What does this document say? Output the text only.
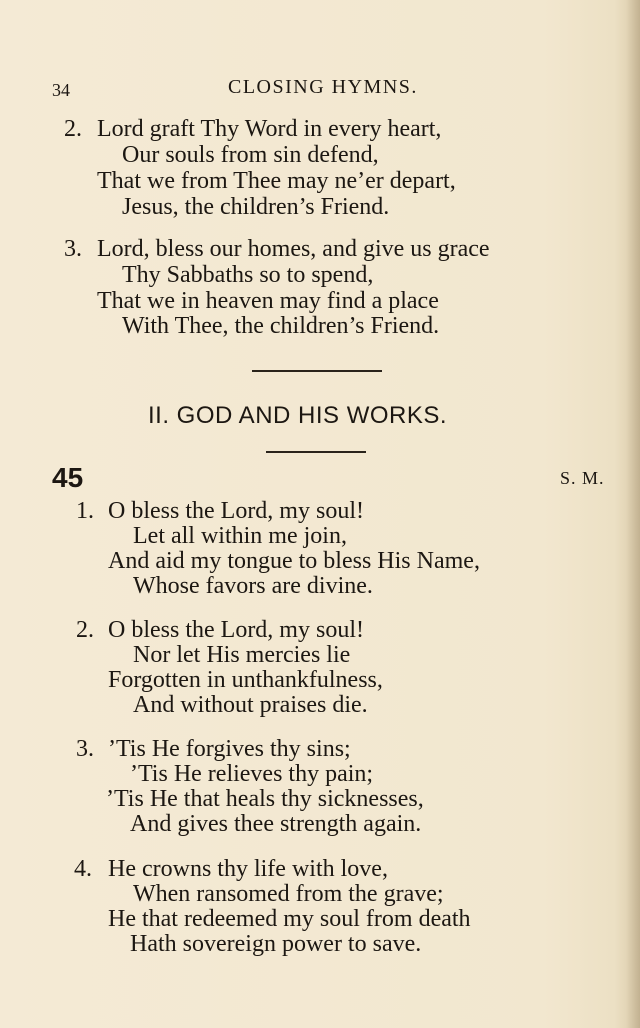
34	CLOSING HYMNS.
2. Lord graft Thy Word in every heart,
Our souls from sin defend,
That we from Thee may ne’er depart,
Jesus, the children’s Friend.
3. Lord, bless our homes, and give us grace
Thy Sabbaths so to spend,
That we in heaven may find a place
With Thee, the children’s Friend.
II. GOD AND HIS WORKS.
45	S. M.
1. O bless the Lord, my soul!
Let all within me join,
And aid my tongue to bless His Name,
Whose favors are divine.
2. O bless the Lord, my soul!
Nor let His mercies lie
Forgotten in unthankfulness,
And without praises die.
3. ’Tis He forgives thy sins;
’Tis He relieves thy pain;
’Tis He that heals thy sicknesses,
And gives thee strength again.
4. He crowns thy life with love,
When ransomed from the grave;
He that redeemed my soul from death
Hath sovereign power to save.
